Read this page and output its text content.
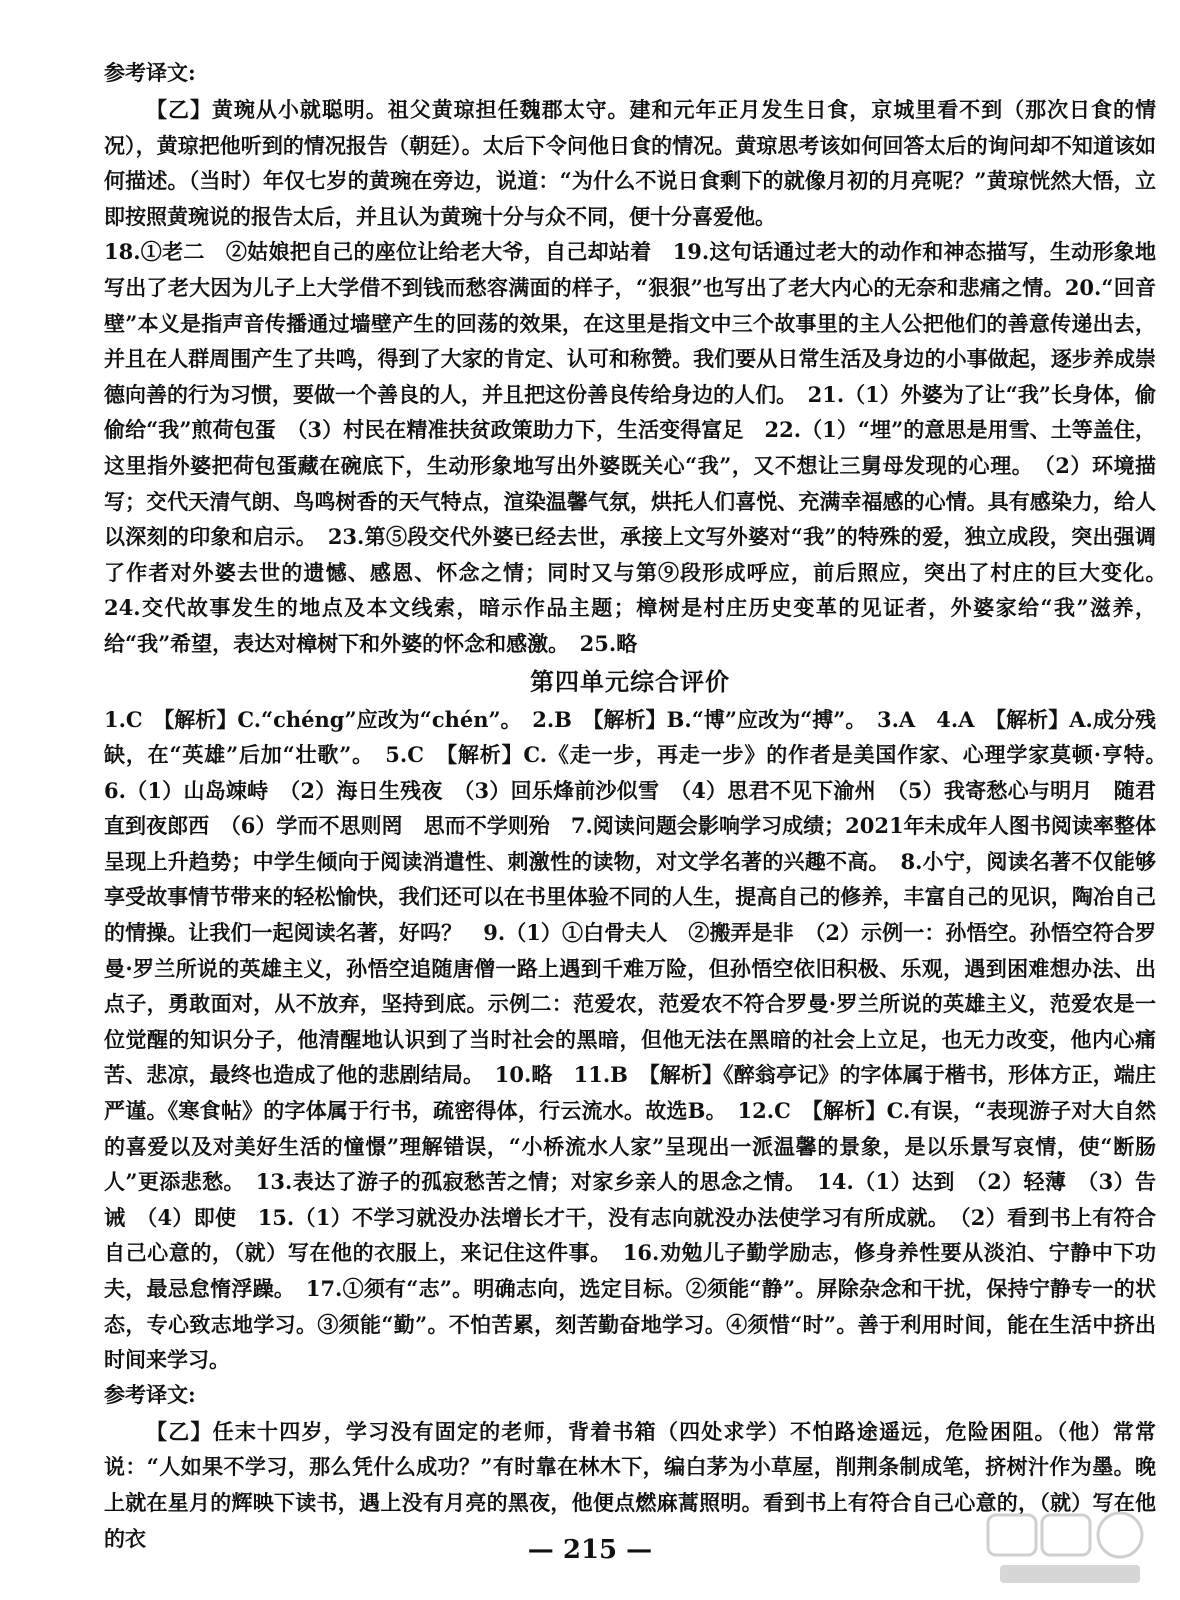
参考译文:

【乙】黄琬从小就聪明。祖父黄琼担任魏郡太守。建和元年正月发生日食，京城里看不到（那次日食的情况），黄琼把他听到的情况报告（朝廷）。太后下令问他日食的情况。黄琼思考该如何回答太后的询问却不知道该如何描述。（当时）年仅七岁的黄琬在旁边，说道：“为什么不说日食剩下的就像月初的月亮呢？”黄琼恍然大悟，立即按照黄琬说的报告太后，并且认为黄琬十分与众不同，便十分喜爱他。

18.①老二　②姑娘把自己的座位让给老大爷，自己却站着　19.这句话通过老大的动作和神态描写，生动形象地写出了老大因为儿子上大学借不到钱而愁容满面的样子，“狠狠”也写出了老大内心的无奈和悲痛之情。20.“回音壁”本义是指声音传播通过墙壁产生的回荡的效果，在这里是指文中三个故事里的主人公把他们的善意传递出去，并且在人群周围产生了共鸣，得到了大家的肯定、认可和称赞。我们要从日常生活及身边的小事做起，逐步养成崇德向善的行为习惯，要做一个善良的人，并且把这份善良传给身边的人们。　21.（1）外婆为了让“我”长身体，偷偷给“我”煎荷包蛋　（3）村民在精准扶贫政策助力下，生活变得富足　22.（1）“埋”的意思是用雪、土等盖住，这里指外婆把荷包蛋藏在碗底下，生动形象地写出外婆既关心“我”，又不想让三舅母发现的心理。　（2）环境描写；交代天清气朗、鸟鸣树香的天气特点，渲染温馨气氛，烘托人们喜悦、充满幸福感的心情。具有感染力，给人以深刻的印象和启示。　23.第⑤段交代外婆已经去世，承接上文写外婆对“我”的特殊的爱，独立成段，突出强调了作者对外婆去世的遗憾、感恩、怀念之情；同时又与第⑨段形成呼应，前后照应，突出了村庄的巨大变化。　24.交代故事发生的地点及本文线索，暗示作品主题；樟树是村庄历史变革的见证者，外婆家给“我”滋养，给“我”希望，表达对樟树下和外婆的怀念和感激。　25.略

第四单元综合评价

1.C　【解析】C.“chéng”应改为“chén”。　2.B　【解析】B.“博”应改为“搏”。　3.A　4.A　【解析】A.成分残缺，在“英雄”后加“壮歌”。　5.C　【解析】C.《走一步，再走一步》的作者是美国作家、心理学家莫顿·亨特。　6.（1）山岛竦峙　（2）海日生残夜　（3）回乐烽前沙似雪　（4）思君不见下渝州　（5）我寄愁心与明月　随君直到夜郎西　（6）学而不思则罔　思而不学则殆　7.阅读问题会影响学习成绩；2021年未成年人图书阅读率整体呈现上升趋势；中学生倾向于阅读消遣性、刺激性的读物，对文学名著的兴趣不高。　8.小宁，阅读名著不仅能够享受故事情节带来的轻松愉快，我们还可以在书里体验不同的人生，提高自己的修养，丰富自己的见识，陶冶自己的情操。让我们一起阅读名著，好吗？　9.（1）①白骨夫人　②搬弄是非　（2）示例一：孙悟空。孙悟空符合罗曼·罗兰所说的英雄主义，孙悟空追随唐僧一路上遇到千难万险，但孙悟空依旧积极、乐观，遇到困难想办法、出点子，勇敢面对，从不放弃，坚持到底。示例二：范爱农，范爱农不符合罗曼·罗兰所说的英雄主义，范爱农是一位觉醒的知识分子，他清醒地认识到了当时社会的黑暗，但他无法在黑暗的社会上立足，也无力改变，他内心痛苦、悲凉，最终也造成了他的悲剧结局。　10.略　11.B　【解析】《醉翁亭记》的字体属于楷书，形体方正，端庄严谨。《寒食帖》的字体属于行书，疏密得体，行云流水。故选B。　12.C　【解析】C.有误，“表现游子对大自然的喜爱以及对美好生活的憧憬”理解错误，“小桥流水人家”呈现出一派温馨的景象，是以乐景写哀情，使“断肠人”更添悲愁。　13.表达了游子的孤寂愁苦之情；对家乡亲人的思念之情。　14.（1）达到　（2）轻薄　（3）告诫　（4）即使　15.（1）不学习就没办法增长才干，没有志向就没办法使学习有所成就。　（2）看到书上有符合自己心意的，（就）写在他的衣服上，来记住这件事。　16.劝勉儿子勤学励志，修身养性要从淡泊、宁静中下功夫，最忌怠惰浮躁。　17.①须有“志”。明确志向，选定目标。②须能“静”。屏除杂念和干扰，保持宁静专一的状态，专心致志地学习。③须能“勤”。不怕苦累，刻苦勤奋地学习。④须惜“时”。善于利用时间，能在生活中挤出时间来学习。

参考译文:

【乙】任末十四岁，学习没有固定的老师，背着书箱（四处求学）不怕路途遥远，危险困阻。（他）常常说：“人如果不学习，那么凭什么成功？”有时靠在林木下，编白茅为小草屋，削荆条制成笔，挤树汁作为墨。晚上就在星月的辉映下读书，遇上没有月亮的黑夜，他便点燃麻蒿照明。看到书上有符合自己心意的，（就）写在他的衣	— 215 —
